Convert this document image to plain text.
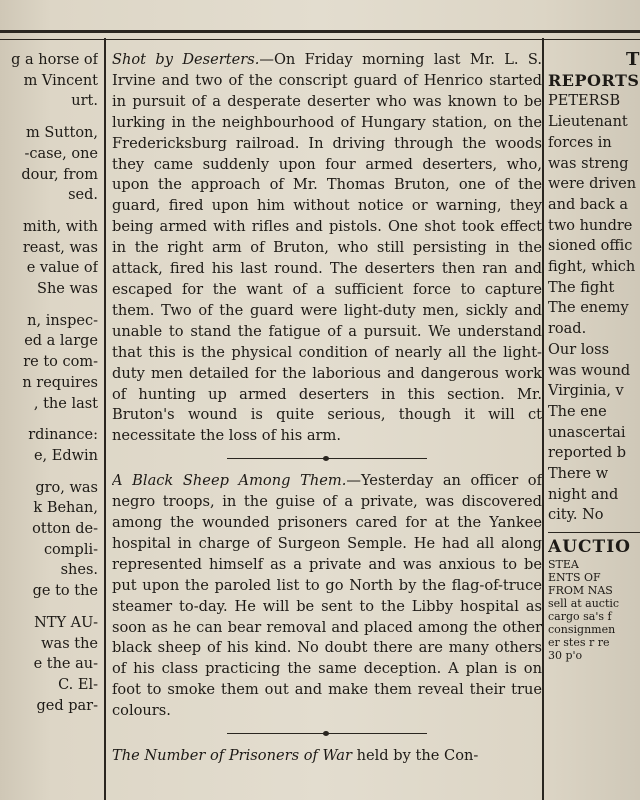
g a horse of
m Vincent
urt.
m Sutton,
-case, one
dour, from
sed.
mith, with
reast, was
e value of
She was
n, inspec-
ed a large
re to com-
n requires
, the last
rdinance:
e, Edwin
gro, was
k Behan,
otton de-
compli-
shes.
ge to the
NTY AU-
was the
e the au-
C. El-
ged par-

Shot by Deserters.—On Friday morning last Mr. L. S. Irvine and two of the conscript guard of Henrico started in pursuit of a desperate deserter who was known to be lurking in the neighbourhood of Hungary station, on the Fredericksburg railroad. In driving through the woods they came suddenly upon four armed deserters, who, upon the approach of Mr. Thomas Bruton, one of the guard, fired upon him without notice or warning, they being armed with rifles and pistols. One shot took effect in the right arm of Bruton, who still persisting in the attack, fired his last round. The deserters then ran and escaped for the want of a sufficient force to capture them. Two of the guard were light-duty men, sickly and unable to stand the fatigue of a pursuit. We understand that this is the physical condition of nearly all the light-duty men detailed for the laborious and dangerous work of hunting up armed deserters in this section. Mr. Bruton's wound is quite serious, though it will ct necessitate the loss of his arm.

A Black Sheep Among Them.—Yesterday an officer of negro troops, in the guise of a private, was discovered among the wounded prisoners cared for at the Yankee hospital in charge of Surgeon Semple. He had all along represented himself as a private and was anxious to be put upon the paroled list to go North by the flag-of-truce steamer to-day. He will be sent to the Libby hospital as soon as he can bear removal and placed among the other black sheep of his kind. No doubt there are many others of his class practicing the same deception. A plan is on foot to smoke them out and make them reveal their true colours.

The Number of Prisoners of War held by the Con-

T
REPORTS
PETERSB
Lieutenant
forces in
was streng
were driven
and back a
two hundre
sioned offic
fight, which
The fight
The enemy
road.
Our loss
was wound
Virginia, v
The ene
unascertai
reported b
There w
night and
city. No
AUCTIO
STEA
ENTS OF
FROM NAS
sell at auctic
cargo sa's f
consignmen
er stes r re
30 p'o
